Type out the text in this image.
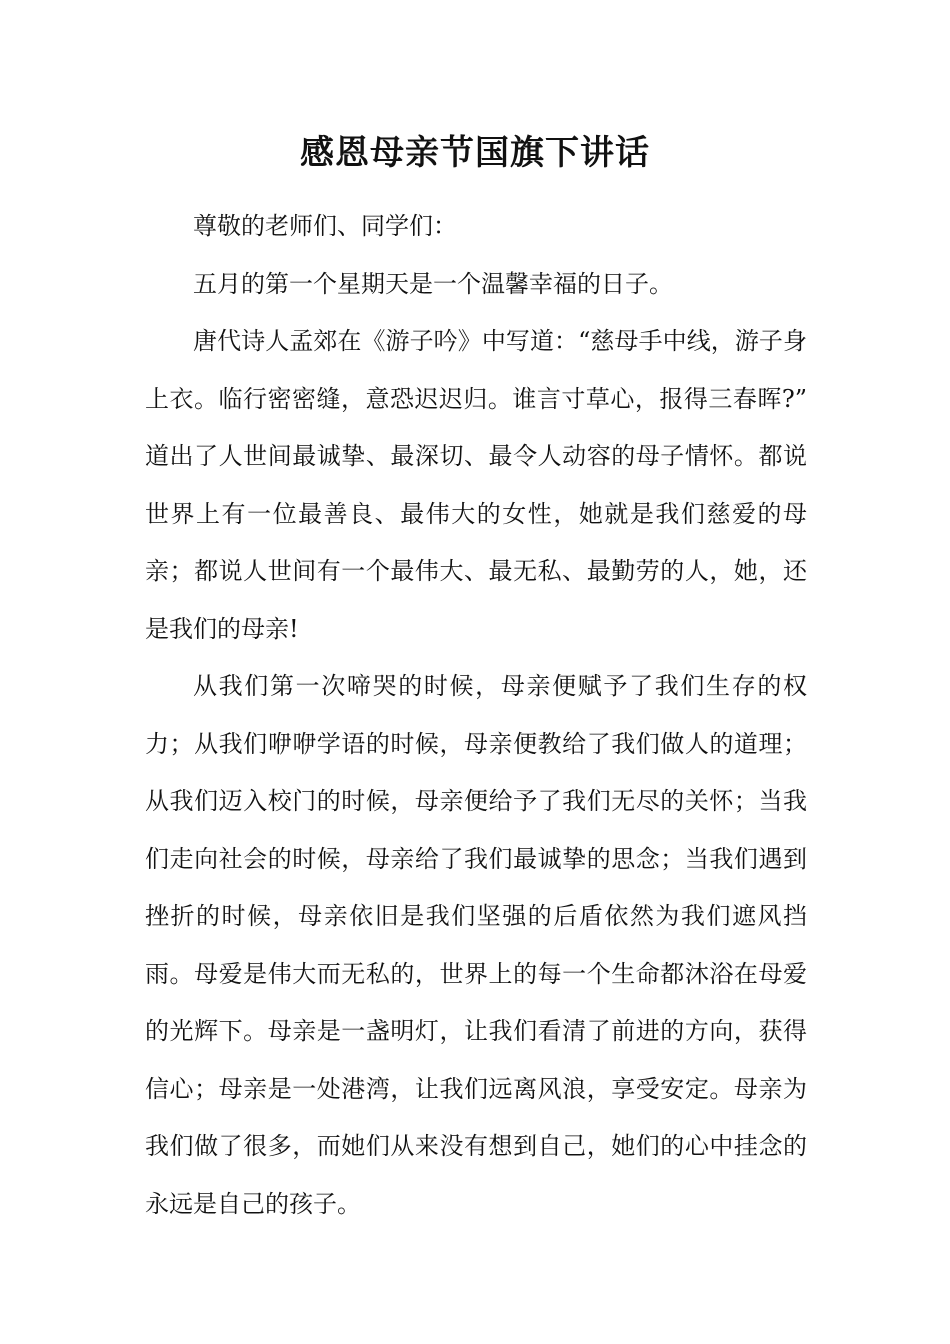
感恩母亲节国旗下讲话

尊敬的老师们、同学们：

五月的第一个星期天是一个温馨幸福的日子。

唐代诗人孟郊在《游子吟》中写道：“慈母手中线，游子身上衣。临行密密缝，意恐迟迟归。谁言寸草心，报得三春晖?” 道出了人世间最诚挚、最深切、最令人动容的母子情怀。都说世界上有一位最善良、最伟大的女性，她就是我们慈爱的母亲；都说人世间有一个最伟大、最无私、最勤劳的人，她，还是我们的母亲!

从我们第一次啼哭的时候，母亲便赋予了我们生存的权力；从我们咿咿学语的时候，母亲便教给了我们做人的道理；从我们迈入校门的时候，母亲便给予了我们无尽的关怀；当我们走向社会的时候，母亲给了我们最诚挚的思念；当我们遇到挫折的时候，母亲依旧是我们坚强的后盾依然为我们遮风挡雨。母爱是伟大而无私的，世界上的每一个生命都沐浴在母爱的光辉下。母亲是一盏明灯，让我们看清了前进的方向，获得信心；母亲是一处港湾，让我们远离风浪，享受安定。母亲为我们做了很多，而她们从来没有想到自己，她们的心中挂念的永远是自己的孩子。
